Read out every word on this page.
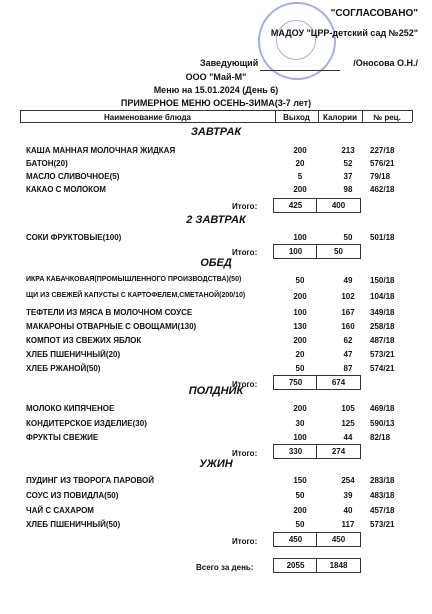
"СОГЛАСОВАНО"
МАДОУ "ЦРР-детский сад №252"
Заведующий	/Оносова О.Н./
ООО "Май-М"
Меню на 15.01.2024 (День 6)
ПРИМЕРНОЕ МЕНЮ ОСЕНЬ-ЗИМА(3-7 лет)
Наименование блюда	Выход	Калории	№ рец.
ЗАВТРАК
КАША МАННАЯ МОЛОЧНАЯ ЖИДКАЯ	200	213	227/18
БАТОН(20)	20	52	576/21
МАСЛО СЛИВОЧНОЕ(5)	5	37	79/18
КАКАО С МОЛОКОМ	200	98	462/18
Итого:	425	400
2 ЗАВТРАК
СОКИ ФРУКТОВЫЕ(100)	100	50	501/18
Итого:	100	50
ОБЕД
ИКРА КАБАЧКОВАЯ(ПРОМЫШЛЕННОГО ПРОИЗВОДСТВА)(50)	50	49	150/18
ЩИ ИЗ СВЕЖЕЙ КАПУСТЫ С КАРТОФЕЛЕМ,СМЕТАНОЙ(200/10)	200	102	104/18
ТЕФТЕЛИ ИЗ МЯСА В МОЛОЧНОМ СОУСЕ	100	167	349/18
МАКАРОНЫ ОТВАРНЫЕ С ОВОЩАМИ(130)	130	160	258/18
КОМПОТ ИЗ СВЕЖИХ ЯБЛОК	200	62	487/18
ХЛЕБ ПШЕНИЧНЫЙ(20)	20	47	573/21
ХЛЕБ РЖАНОЙ(50)	50	87	574/21
Итого:	750	674
ПОЛДНИК
МОЛОКО КИПЯЧЕНОЕ	200	105	469/18
КОНДИТЕРСКОЕ ИЗДЕЛИЕ(30)	30	125	590/13
ФРУКТЫ СВЕЖИЕ	100	44	82/18
Итого:	330	274
УЖИН
ПУДИНГ ИЗ ТВОРОГА ПАРОВОЙ	150	254	283/18
СОУС ИЗ ПОВИДЛА(50)	50	39	483/18
ЧАЙ С САХАРОМ	200	40	457/18
ХЛЕБ ПШЕНИЧНЫЙ(50)	50	117	573/21
Итого:	450	450
Всего за день:	2055	1848
